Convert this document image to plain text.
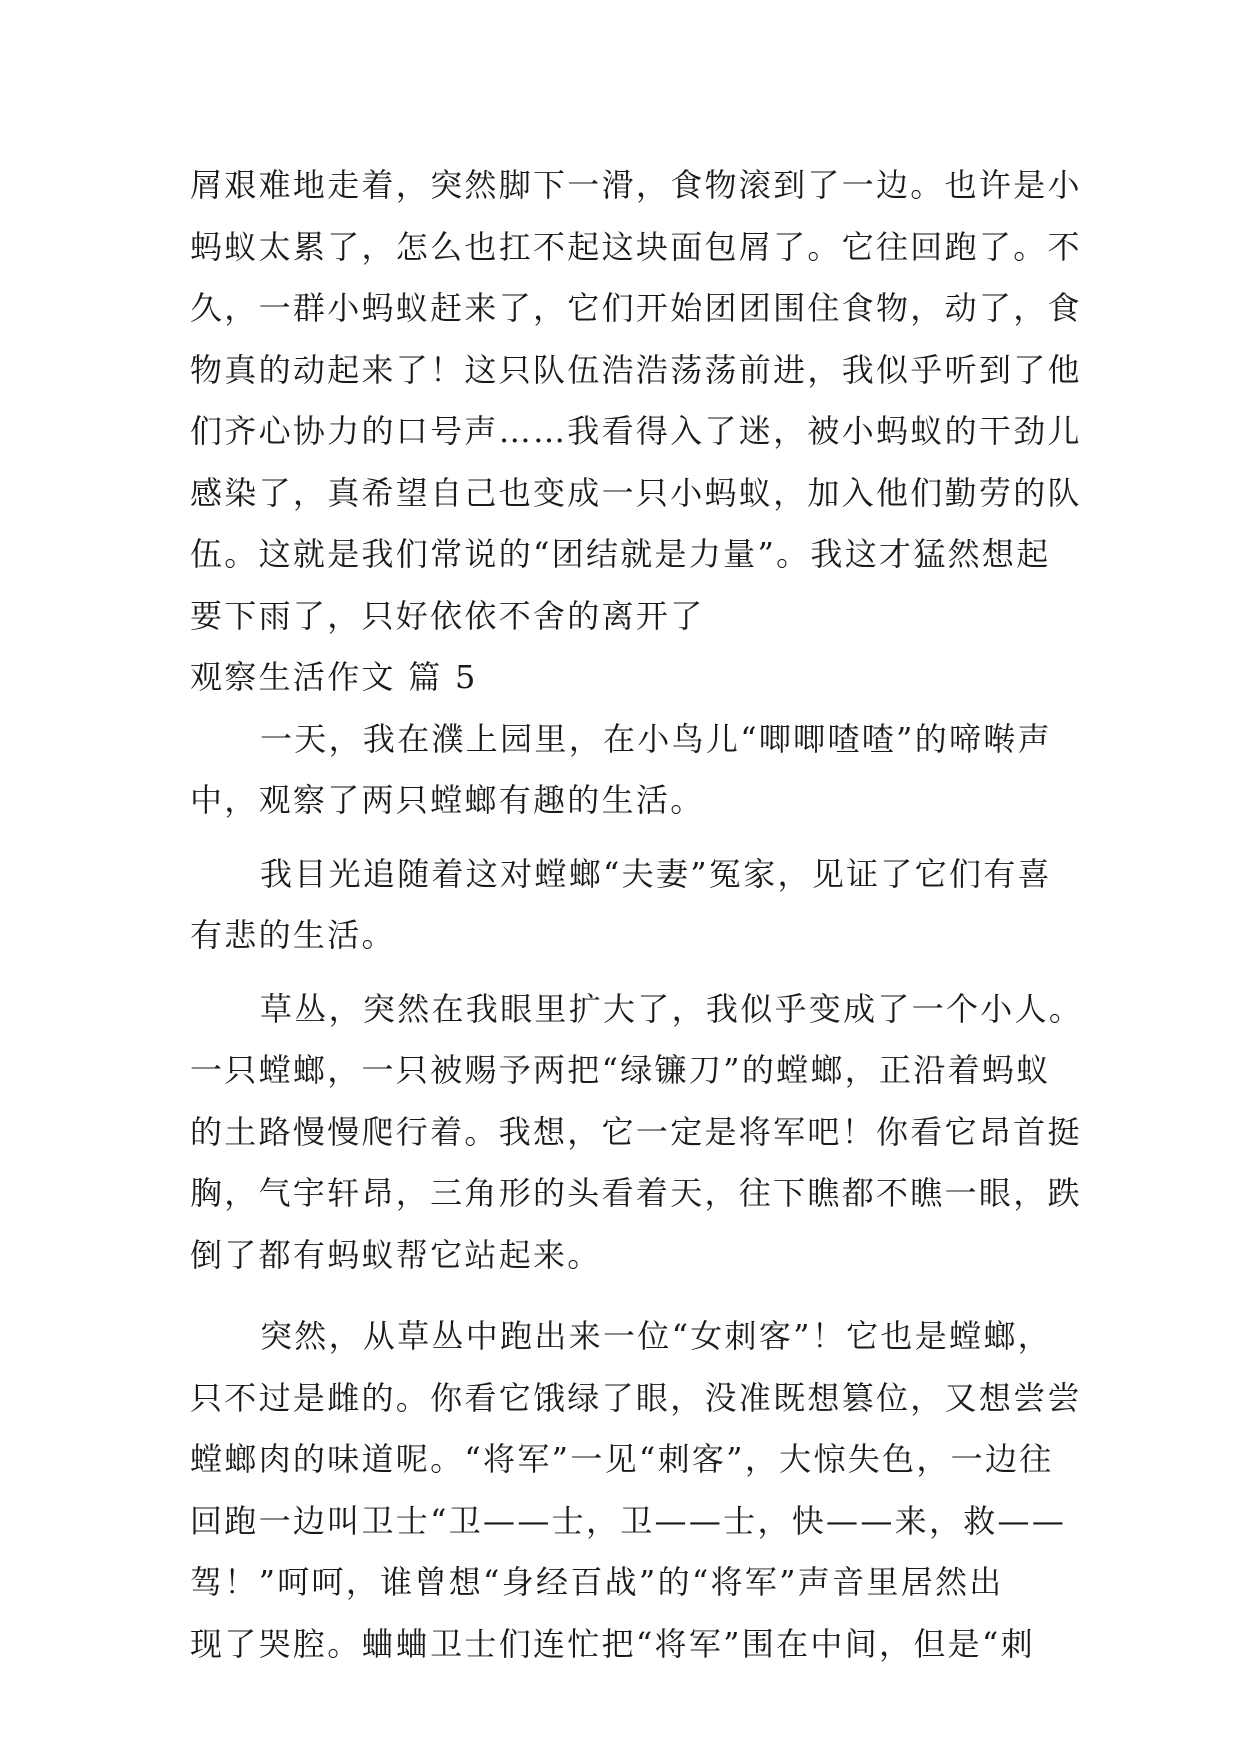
屑艰难地走着，突然脚下一滑，食物滚到了一边。也许是小
蚂蚁太累了，怎么也扛不起这块面包屑了。它往回跑了。不
久，一群小蚂蚁赶来了，它们开始团团围住食物，动了，食
物真的动起来了！这只队伍浩浩荡荡前进，我似乎听到了他
们齐心协力的口号声……我看得入了迷，被小蚂蚁的干劲儿
感染了，真希望自己也变成一只小蚂蚁，加入他们勤劳的队
伍。这就是我们常说的“团结就是力量”。我这才猛然想起
要下雨了，只好依依不舍的离开了
观察生活作文 篇 5
一天，我在濮上园里，在小鸟儿“唧唧喳喳”的啼啭声
中，观察了两只螳螂有趣的生活。
我目光追随着这对螳螂“夫妻”冤家，见证了它们有喜
有悲的生活。
草丛，突然在我眼里扩大了，我似乎变成了一个小人。
一只螳螂，一只被赐予两把“绿镰刀”的螳螂，正沿着蚂蚁
的土路慢慢爬行着。我想，它一定是将军吧！你看它昂首挺
胸，气宇轩昂，三角形的头看着天，往下瞧都不瞧一眼，跌
倒了都有蚂蚁帮它站起来。
突然，从草丛中跑出来一位“女刺客”！它也是螳螂，
只不过是雌的。你看它饿绿了眼，没准既想篡位，又想尝尝
螳螂肉的味道呢。“将军”一见“刺客”，大惊失色，一边往
回跑一边叫卫士“卫——士，卫——士，快——来，救——
驾！”呵呵，谁曾想“身经百战”的“将军”声音里居然出
现了哭腔。蛐蛐卫士们连忙把“将军”围在中间，但是“刺
